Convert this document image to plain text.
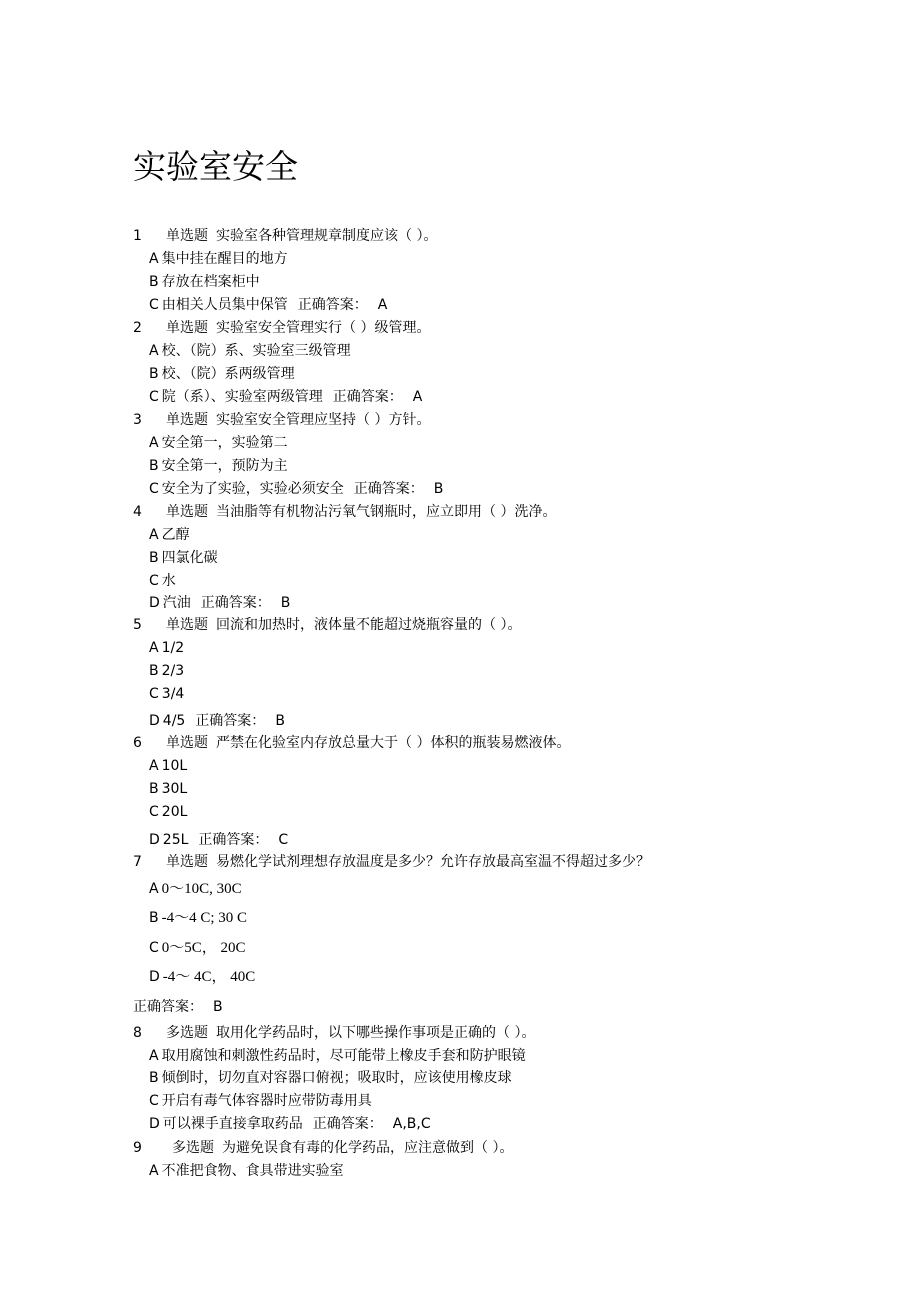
实验室安全
1 单选题 实验室各种管理规章制度应该（ ）。
A 集中挂在醒目的地方
B 存放在档案柜中
C 由相关人员集中保管 正确答案： A
2 单选题 实验室安全管理实行（ ）级管理。
A 校、（院）系、实验室三级管理
B 校、（院）系两级管理
C 院（系）、实验室两级管理 正确答案： A
3 单选题 实验室安全管理应坚持（ ）方针。
A 安全第一，实验第二
B 安全第一，预防为主
C 安全为了实验，实验必须安全 正确答案： B
4 单选题 当油脂等有机物沾污氧气钢瓶时，应立即用（ ）洗净。
A 乙醇
B 四氯化碳
C 水
D 汽油 正确答案： B
5 单选题 回流和加热时，液体量不能超过烧瓶容量的（ ）。
A 1/2
B 2/3
C 3/4
D 4/5 正确答案： B
6 单选题 严禁在化验室内存放总量大于（ ）体积的瓶装易燃液体。
A 10L
B 30L
C 20L
D 25L 正确答案： C
7 单选题 易燃化学试剂理想存放温度是多少？允许存放最高室温不得超过多少？
A 0～10C, 30C
B -4～4 C; 30 C
C 0～5C， 20C
D -4～ 4C， 40C
正确答案： B
8 多选题 取用化学药品时，以下哪些操作事项是正确的（ ）。
A 取用腐蚀和刺激性药品时，尽可能带上橡皮手套和防护眼镜
B 倾倒时，切勿直对容器口俯视；吸取时，应该使用橡皮球
C 开启有毒气体容器时应带防毒用具
D 可以裸手直接拿取药品 正确答案： A,B,C
9 多选题 为避免误食有毒的化学药品，应注意做到（ ）。
A 不准把食物、食具带进实验室
